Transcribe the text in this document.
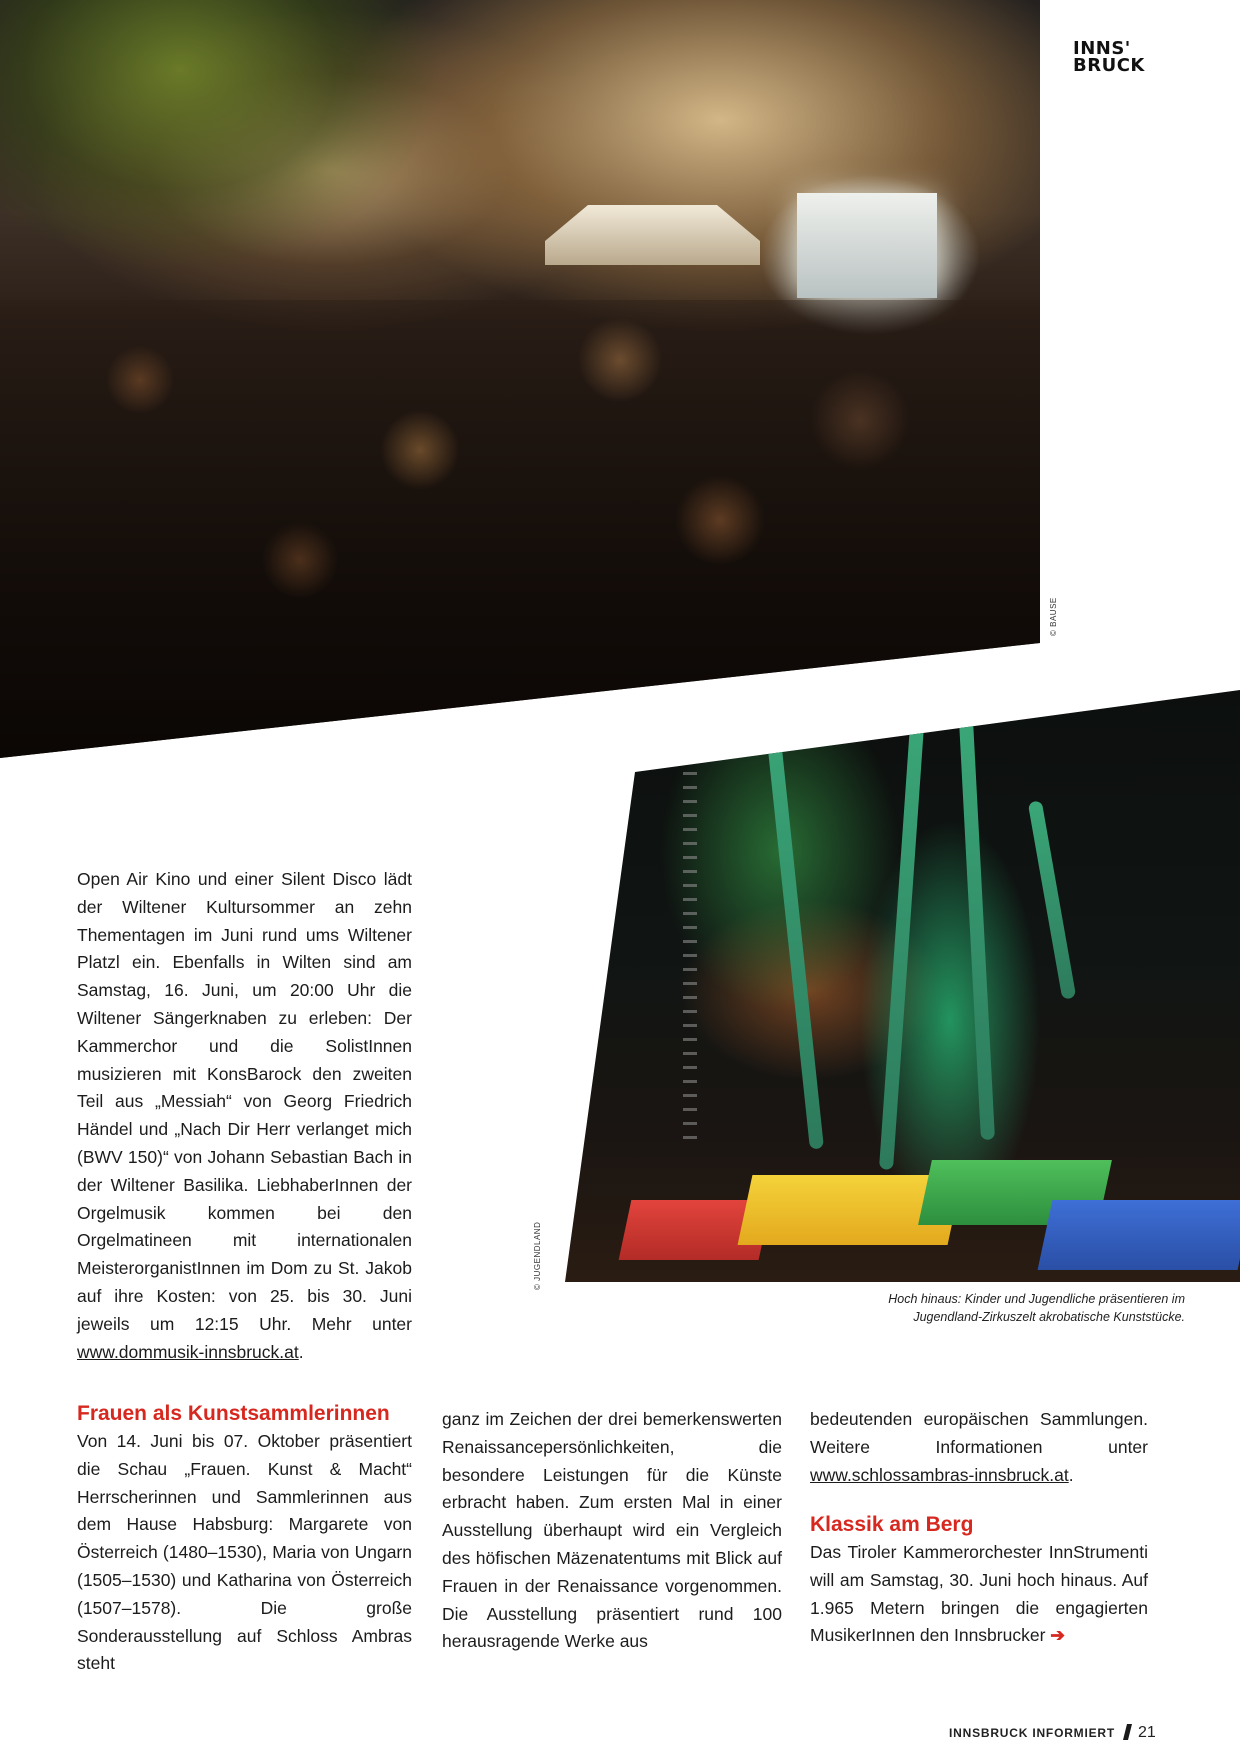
© BAUSE
INNS'
BRUCK
© JUGENDLAND
Hoch hinaus: Kinder und Jugendliche präsentieren im
Jugendland-Zirkuszelt akrobatische Kunststücke.

Open Air Kino und einer Silent Disco lädt der Wiltener Kultursommer an zehn Thementagen im Juni rund ums Wiltener Platzl ein. Ebenfalls in Wilten sind am Samstag, 16. Juni, um 20:00 Uhr die Wiltener Sängerknaben zu erleben: Der Kammerchor und die SolistInnen musizieren mit KonsBarock den zweiten Teil aus „Messiah“ von Georg Friedrich Händel und „Nach Dir Herr verlanget mich (BWV 150)“ von Johann Sebastian Bach in der Wiltener Basilika. LiebhaberInnen der Orgelmusik kommen bei den Orgelmatineen mit internationalen MeisterorganistInnen im Dom zu St. Jakob auf ihre Kosten: von 25. bis 30. Juni jeweils um 12:15 Uhr. Mehr unter www.dommusik-innsbruck.at.

Frauen als Kunstsammlerinnen

Von 14. Juni bis 07. Oktober präsentiert die Schau „Frauen. Kunst & Macht“ Herrscherinnen und Sammlerinnen aus dem Hause Habsburg: Margarete von Österreich (1480–1530), Maria von Ungarn (1505–1530) und Katharina von Österreich (1507–1578). Die große Sonderausstellung auf Schloss Ambras steht

ganz im Zeichen der drei bemerkenswerten Renaissancepersönlichkeiten, die besondere Leistungen für die Künste erbracht haben. Zum ersten Mal in einer Ausstellung überhaupt wird ein Vergleich des höfischen Mäzenatentums mit Blick auf Frauen in der Renaissance vorgenommen. Die Ausstellung präsentiert rund 100 herausragende Werke aus

bedeutenden europäischen Sammlungen. Weitere Informationen unter www.schlossambras-innsbruck.at.

Klassik am Berg

Das Tiroler Kammerorchester InnStrumenti will am Samstag, 30. Juni hoch hinaus. Auf 1.965 Metern bringen die engagierten MusikerInnen den Innsbrucker ➔

INNSBRUCK INFORMIERT 21
